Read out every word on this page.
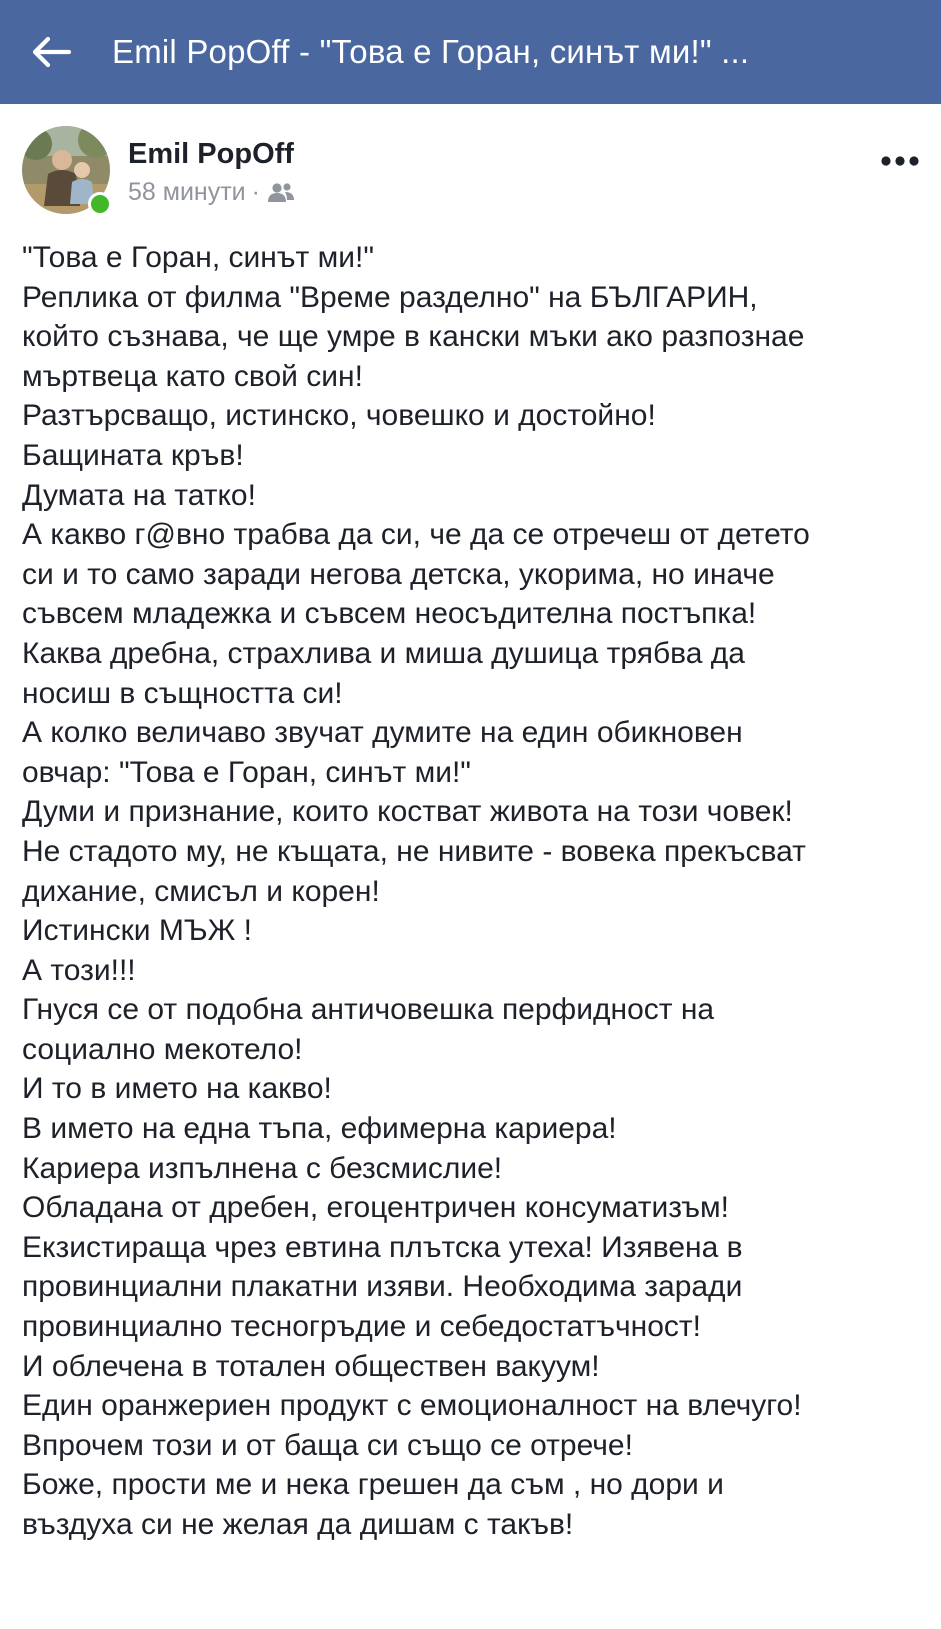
Emil PopOff - "Това е Горан, синът ми!" ...
Emil PopOff
58 минути ·
"Това е Горан, синът ми!"
Реплика от филма "Време разделно" на БЪЛГАРИН,
който съзнава, че ще умре в кански мъки ако разпознае
мъртвеца като свой син!
Разтърсващо, истинско, човешко и достойно!
Бащината кръв!
Думата на татко!
А какво г@вно трабва да си, че да се отречеш от детето
си и то само заради негова детска, укорима, но иначе
съвсем младежка и съвсем неосъдителна постъпка!
Каква дребна, страхлива и миша душица трябва да
носиш в същността си!
А колко величаво звучат думите на един обикновен
овчар: "Това е Горан, синът ми!"
Думи и признание, които костват живота на този човек!
Не стадото му, не къщата, не нивите - вовека прекъсват
дихание, смисъл и корен!
Истински МЪЖ !
А този!!!
Гнуся се от подобна античовешка перфидност на
социално мекотело!
И то в името на какво!
В името на една тъпа, ефимерна кариера!
Кариера изпълнена с безсмислие!
Обладана от дребен, егоцентричен консуматизъм!
Екзистираща чрез евтина плътска утеха! Изявена в
провинциални плакатни изяви. Необходима заради
провинциално тесногръдие и себедостатъчност!
И облечена в тотален обществен вакуум!
Един оранжериен продукт с емоционалност на влечуго!
Впрочем този и от баща си също се отрече!
Боже, прости ме и нека грешен да съм , но дори и
въздуха си не желая да дишам с такъв!
